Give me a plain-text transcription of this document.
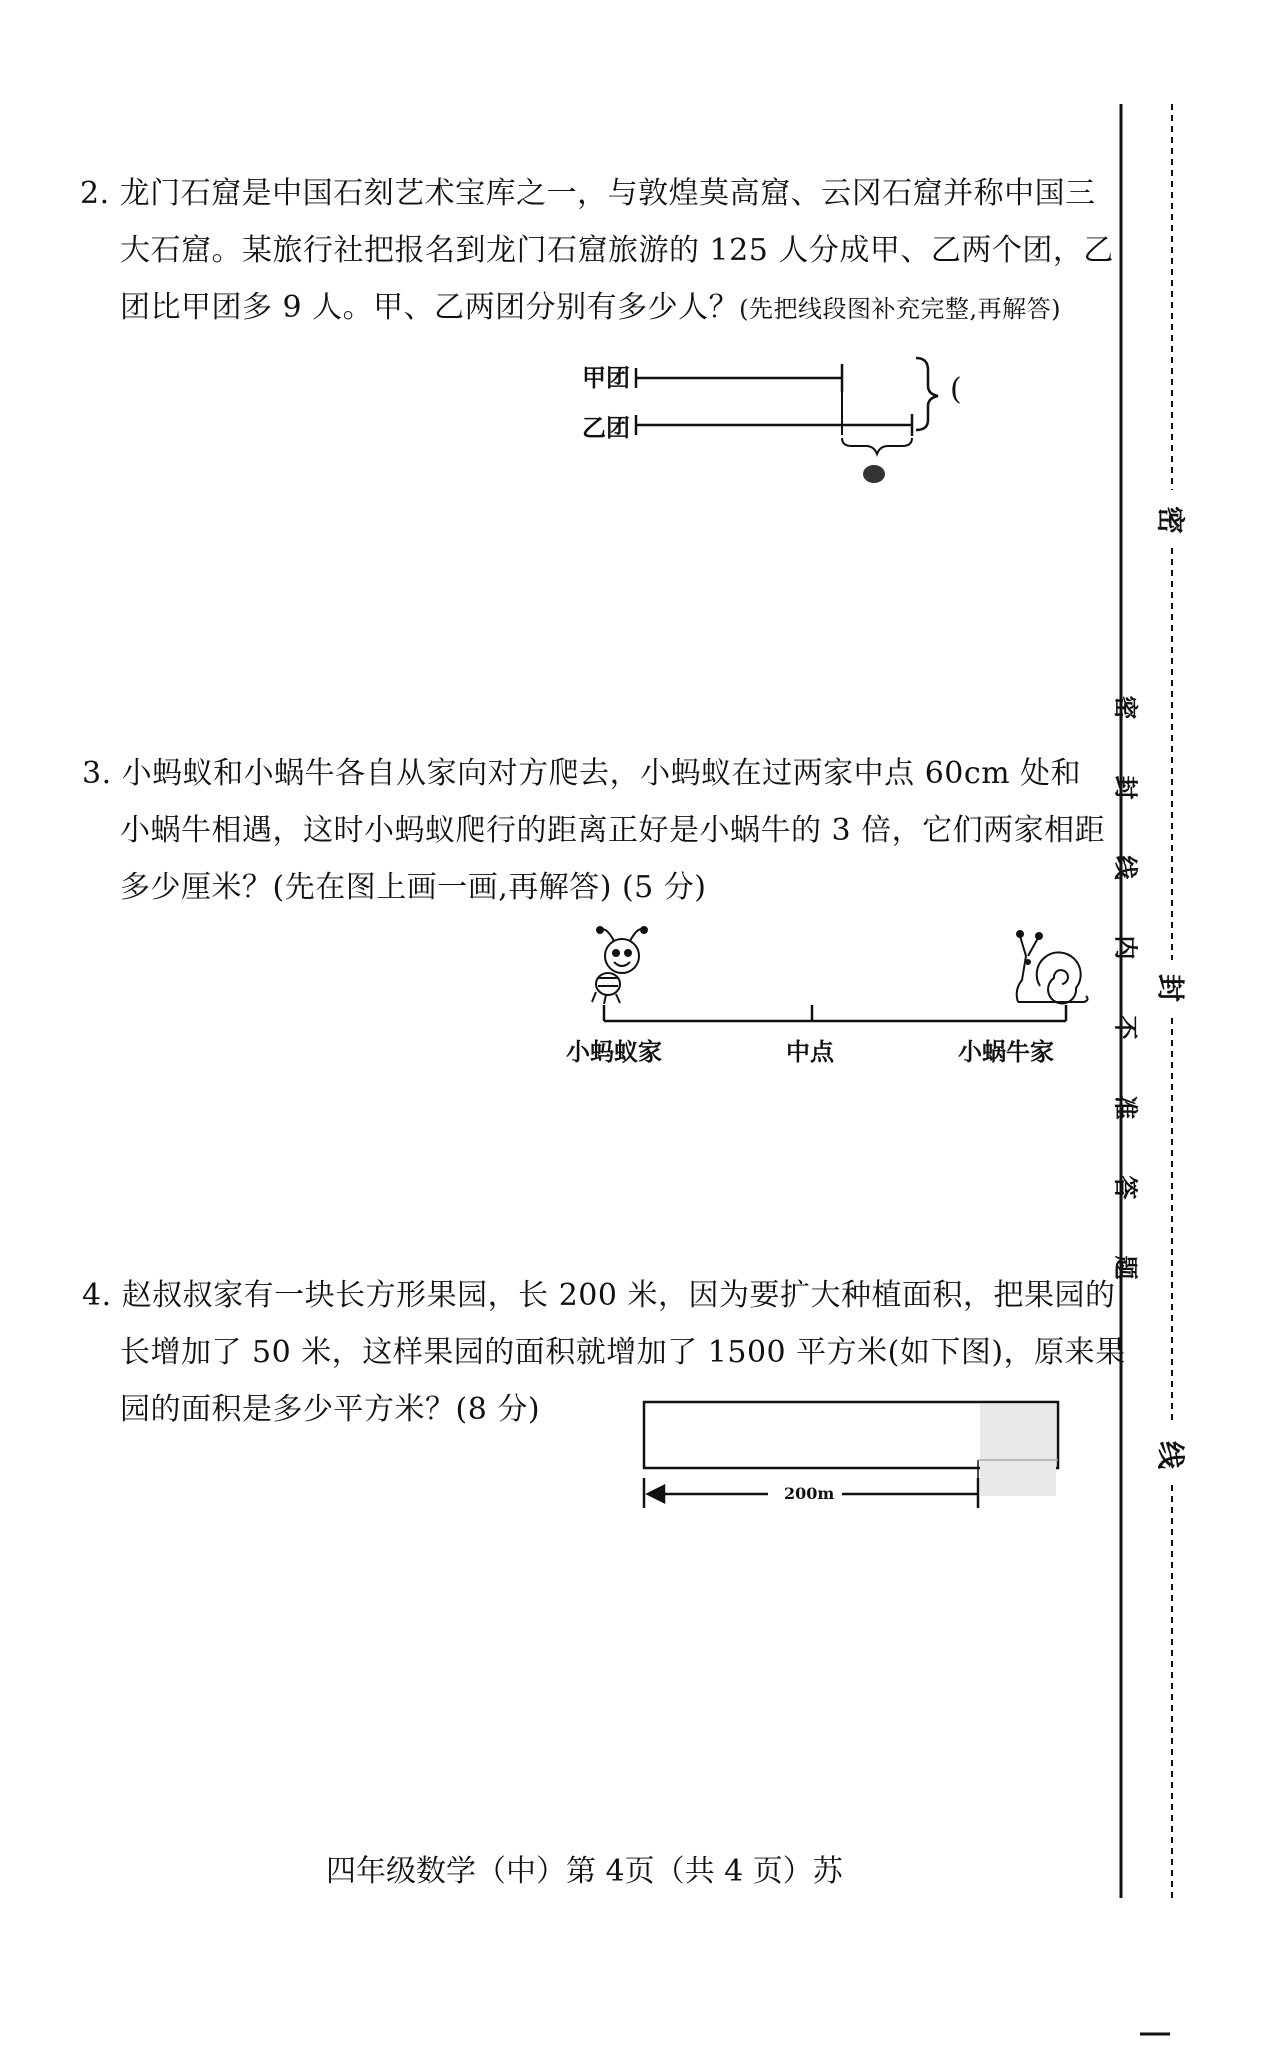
2. 龙门石窟是中国石刻艺术宝库之一，与敦煌莫高窟、云冈石窟并称中国三
大石窟。某旅行社把报名到龙门石窟旅游的 125 人分成甲、乙两个团，乙
团比甲团多 9 人。甲、乙两团分别有多少人？(先把线段图补充完整,再解答)
甲团
乙团
(
3. 小蚂蚁和小蜗牛各自从家向对方爬去，小蚂蚁在过两家中点 60cm 处和
小蜗牛相遇，这时小蚂蚁爬行的距离正好是小蜗牛的 3 倍，它们两家相距
多少厘米？(先在图上画一画,再解答) (5 分)
小蚂蚁家	中点	小蜗牛家
4. 赵叔叔家有一块长方形果园，长 200 米，因为要扩大种植面积，把果园的
长增加了 50 米，这样果园的面积就增加了 1500 平方米(如下图)，原来果
园的面积是多少平方米？(8 分)
200m
密
封
线
密
封
线
内
不
准
答
题
四年级数学（中）第 4页（共 4 页）苏
